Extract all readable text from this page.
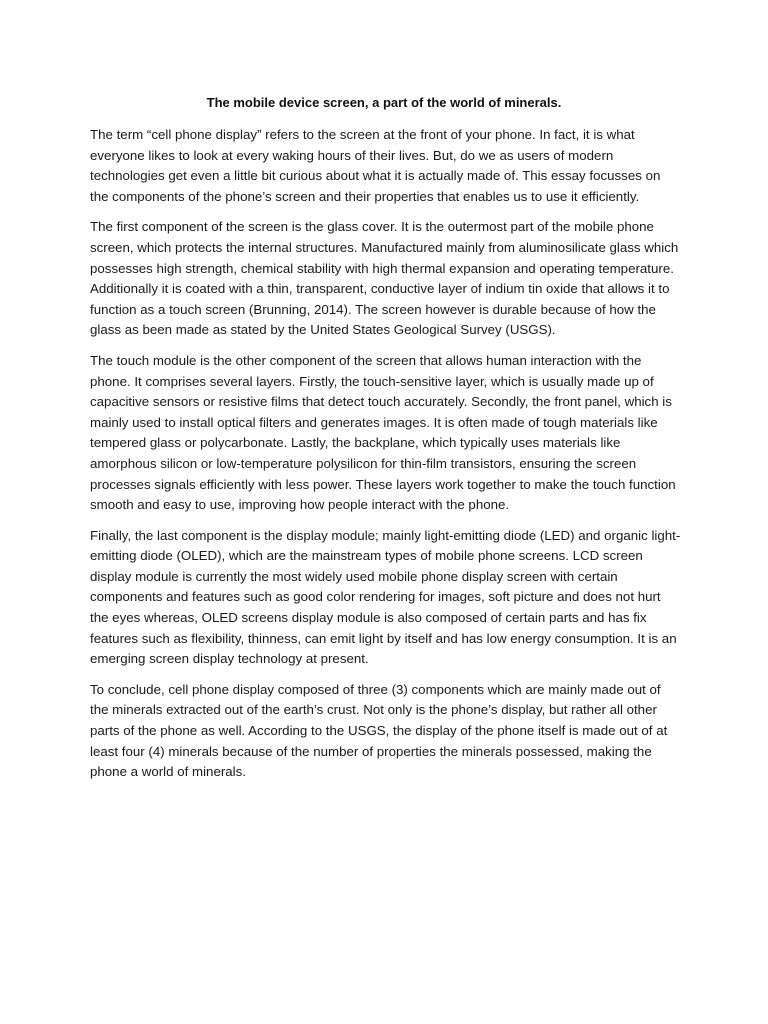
The mobile device screen, a part of the world of minerals.

The term “cell phone display” refers to the screen at the front of your phone. In fact, it is what everyone likes to look at every waking hours of their lives. But, do we as users of modern technologies get even a little bit curious about what it is actually made of. This essay focusses on the components of the phone’s screen and their properties that enables us to use it efficiently.

The first component of the screen is the glass cover. It is the outermost part of the mobile phone screen, which protects the internal structures. Manufactured mainly from aluminosilicate glass which possesses high strength, chemical stability with high thermal expansion and operating temperature. Additionally it is coated with a thin, transparent, conductive layer of indium tin oxide that allows it to function as a touch screen (Brunning, 2014). The screen however is durable because of how the glass as been made as stated by the United States Geological Survey (USGS).

The touch module is the other component of the screen that allows human interaction with the phone. It comprises several layers. Firstly, the touch-sensitive layer, which is usually made up of capacitive sensors or resistive films that detect touch accurately. Secondly, the front panel, which is mainly used to install optical filters and generates images. It is often made of tough materials like tempered glass or polycarbonate. Lastly, the backplane, which typically uses materials like amorphous silicon or low-temperature polysilicon for thin-film transistors, ensuring the screen processes signals efficiently with less power. These layers work together to make the touch function smooth and easy to use, improving how people interact with the phone.

Finally, the last component is the display module; mainly light-emitting diode (LED) and organic light-emitting diode (OLED), which are the mainstream types of mobile phone screens. LCD screen display module is currently the most widely used mobile phone display screen with certain components and features such as good color rendering for images, soft picture and does not hurt the eyes whereas, OLED screens display module is also composed of certain parts and has fix features such as flexibility, thinness, can emit light by itself and has low energy consumption. It is an emerging screen display technology at present.

To conclude, cell phone display composed of three (3) components which are mainly made out of the minerals extracted out of the earth’s crust. Not only is the phone’s display, but rather all other parts of the phone as well. According to the USGS, the display of the phone itself is made out of at least four (4) minerals because of the number of properties the minerals possessed, making the phone a world of minerals.
